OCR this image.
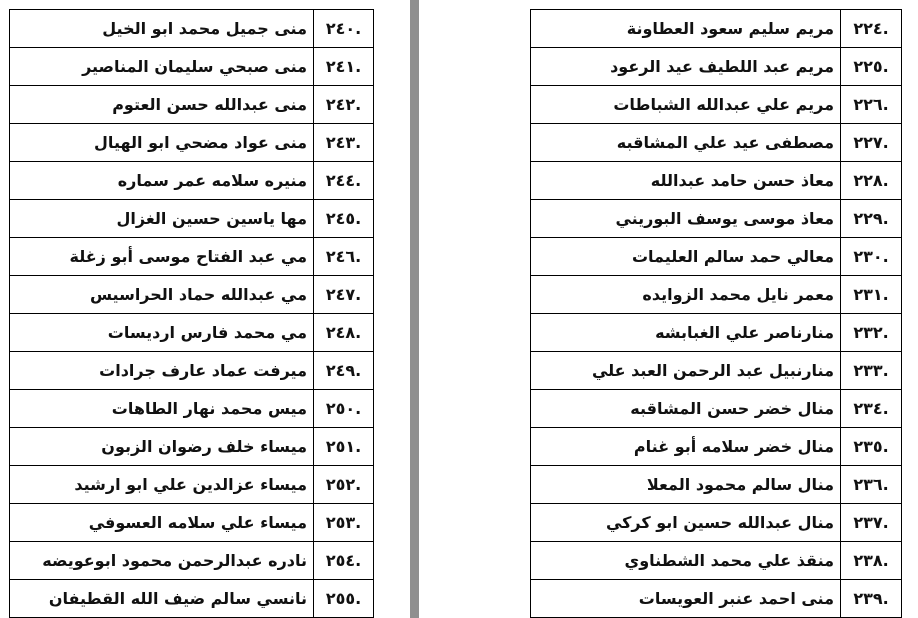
.٢٤٠	منى جميل محمد ابو الخيل
.٢٤١	منى صبحي سليمان المناصير
.٢٤٢	منى عبدالله حسن العتوم
.٢٤٣	منى عواد مضحي ابو الهيال
.٢٤٤	منيره سلامه عمر سماره
.٢٤٥	مها ياسين حسين الغزال
.٢٤٦	مي عبد الفتاح موسى أبو زغلة
.٢٤٧	مي عبدالله حماد الحراسيس
.٢٤٨	مي محمد فارس ارديسات
.٢٤٩	ميرفت عماد عارف جرادات
.٢٥٠	ميس محمد نهار الطاهات
.٢٥١	ميساء خلف رضوان الزبون
.٢٥٢	ميساء عزالدين علي ابو ارشيد
.٢٥٣	ميساء علي سلامه العسوفي
.٢٥٤	نادره عبدالرحمن محمود ابوعويضه
.٢٥٥	نانسي سالم ضيف الله القطيفان
.٢٢٤	مريم سليم سعود العطاونة
.٢٢٥	مريم عبد اللطيف عيد الرعود
.٢٢٦	مريم علي عبدالله الشباطات
.٢٢٧	مصطفى عيد علي المشاقبه
.٢٢٨	معاذ حسن حامد عبدالله
.٢٢٩	معاذ موسى يوسف البوريني
.٢٣٠	معالي حمد سالم العليمات
.٢٣١	معمر نايل محمد الزوايده
.٢٣٢	منارناصر علي الغبابشه
.٢٣٣	منارنبيل عبد الرحمن العبد علي
.٢٣٤	منال خضر حسن المشاقبه
.٢٣٥	منال خضر سلامه أبو غنام
.٢٣٦	منال سالم محمود المعلا
.٢٣٧	منال عبدالله حسين ابو كركي
.٢٣٨	منقذ علي محمد الشطناوي
.٢٣٩	منى احمد عنبر العويسات
